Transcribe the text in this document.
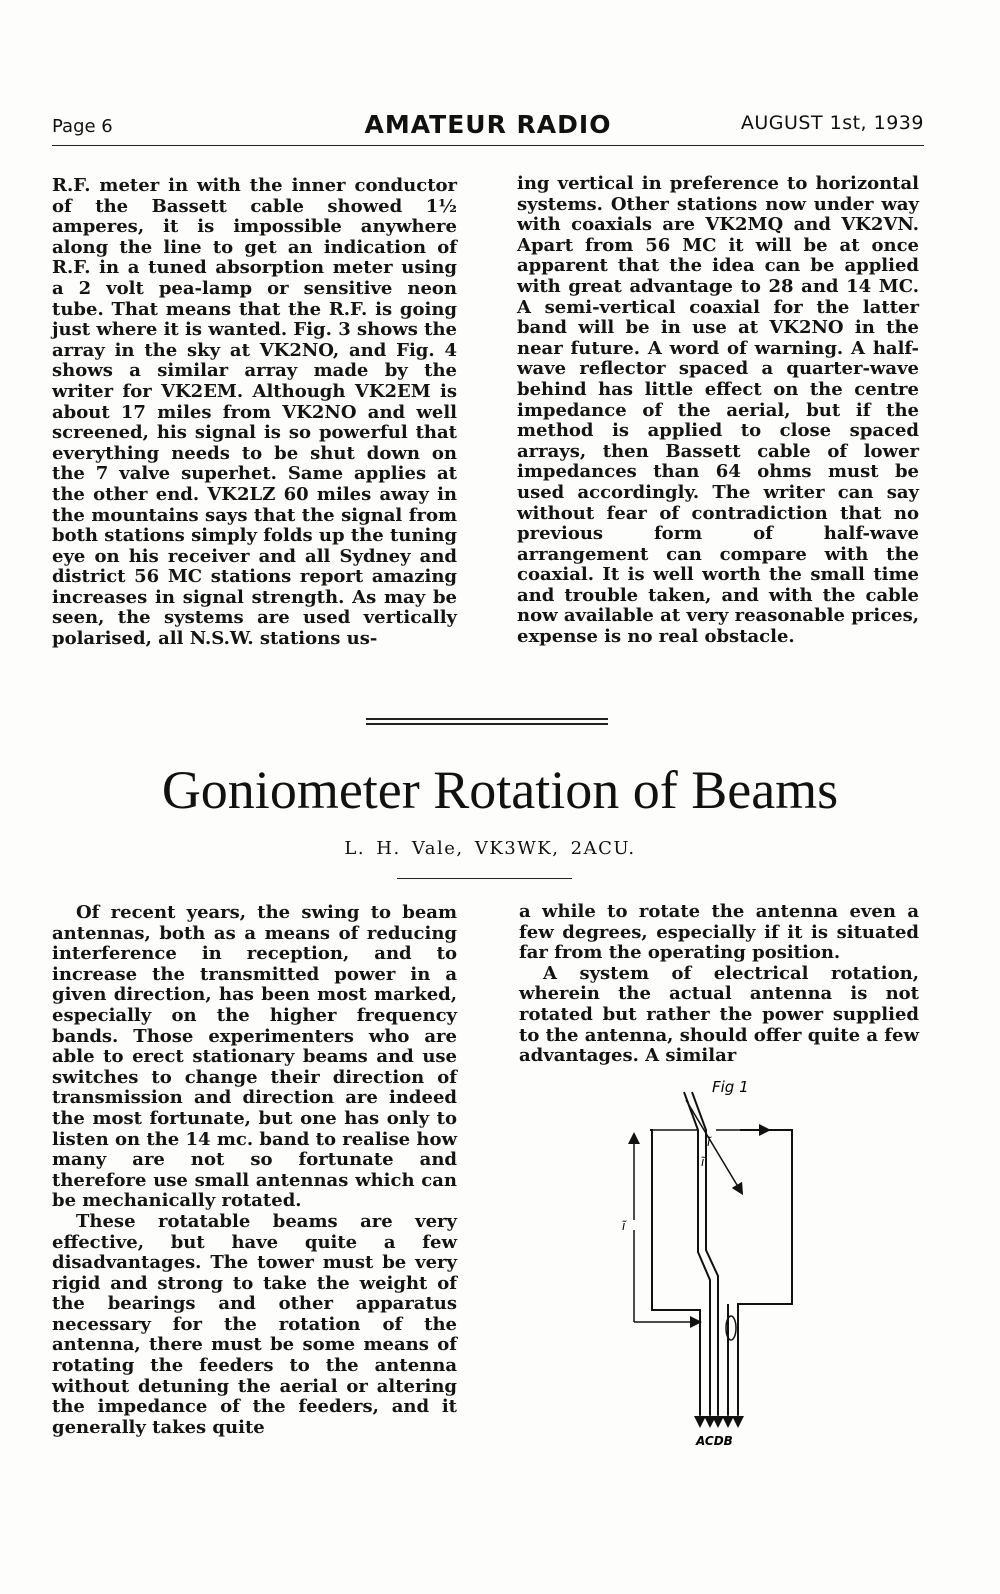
Page 6	AMATEUR RADIO	AUGUST 1st, 1939

R.F. meter in with the inner conductor of the Bassett cable showed 1½ amperes, it is impossible anywhere along the line to get an indication of R.F. in a tuned absorption meter using a 2 volt pea-lamp or sensitive neon tube. That means that the R.F. is going just where it is wanted. Fig. 3 shows the array in the sky at VK2NO, and Fig. 4 shows a similar array made by the writer for VK2EM. Although VK2EM is about 17 miles from VK2NO and well screened, his signal is so powerful that everything needs to be shut down on the 7 valve superhet. Same applies at the other end. VK2LZ 60 miles away in the mountains says that the signal from both stations simply folds up the tuning eye on his receiver and all Sydney and district 56 MC stations report amazing increases in signal strength. As may be seen, the systems are used vertically polarised, all N.S.W. stations us-

ing vertical in preference to horizontal systems. Other stations now under way with coaxials are VK2MQ and VK2VN. Apart from 56 MC it will be at once apparent that the idea can be applied with great advantage to 28 and 14 MC. A semi-vertical coaxial for the latter band will be in use at VK2NO in the near future. A word of warning. A half-wave reflector spaced a quarter-wave behind has little effect on the centre impedance of the aerial, but if the method is applied to close spaced arrays, then Bassett cable of lower impedances than 64 ohms must be used accordingly. The writer can say without fear of contradiction that no previous form of half-wave arrangement can compare with the coaxial. It is well worth the small time and trouble taken, and with the cable now available at very reasonable prices, expense is no real obstacle.

Goniometer Rotation of Beams
L. H. Vale, VK3WK, 2ACU.

Of recent years, the swing to beam antennas, both as a means of reducing interference in reception, and to increase the transmitted power in a given direction, has been most marked, especially on the higher frequency bands. Those experimenters who are able to erect stationary beams and use switches to change their direction of transmission and direction are indeed the most fortunate, but one has only to listen on the 14 mc. band to realise how many are not so fortunate and therefore use small antennas which can be mechanically rotated.

These rotatable beams are very effective, but have quite a few disadvantages. The tower must be very rigid and strong to take the weight of the bearings and other apparatus necessary for the rotation of the antenna, there must be some means of rotating the feeders to the antenna without detuning the aerial or altering the impedance of the feeders, and it generally takes quite

a while to rotate the antenna even a few degrees, especially if it is situated far from the operating position.

A system of electrical rotation, wherein the actual antenna is not rotated but rather the power supplied to the antenna, should offer quite a few advantages. A similar

Fig 1
ĩ
ĩ
ĩ
ACDB
